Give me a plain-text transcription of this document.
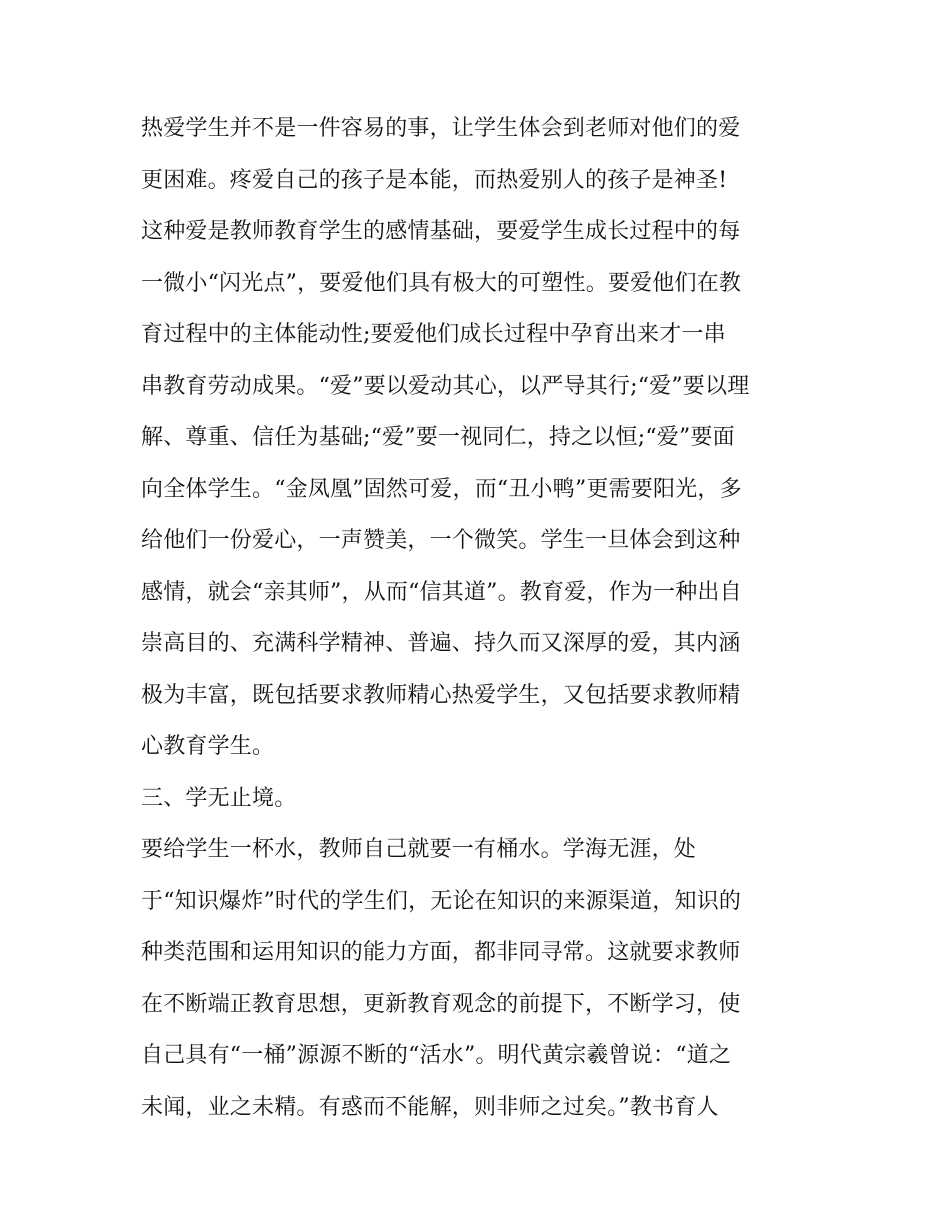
热爱学生并不是一件容易的事，让学生体会到老师对他们的爱
更困难。疼爱自己的孩子是本能，而热爱别人的孩子是神圣!
这种爱是教师教育学生的感情基础，要爱学生成长过程中的每
一微小“闪光点”，要爱他们具有极大的可塑性。要爱他们在教
育过程中的主体能动性;要爱他们成长过程中孕育出来才一串
串教育劳动成果。“爱”要以爱动其心，以严导其行;“爱”要以理
解、尊重、信任为基础;“爱”要一视同仁，持之以恒;“爱”要面
向全体学生。“金凤凰”固然可爱，而“丑小鸭”更需要阳光，多
给他们一份爱心，一声赞美，一个微笑。学生一旦体会到这种
感情，就会“亲其师”，从而“信其道”。教育爱，作为一种出自
崇高目的、充满科学精神、普遍、持久而又深厚的爱，其内涵
极为丰富，既包括要求教师精心热爱学生，又包括要求教师精
心教育学生。
三、学无止境。
要给学生一杯水，教师自己就要一有桶水。学海无涯，处
于“知识爆炸”时代的学生们，无论在知识的来源渠道，知识的
种类范围和运用知识的能力方面，都非同寻常。这就要求教师
在不断端正教育思想，更新教育观念的前提下，不断学习，使
自己具有“一桶”源源不断的“活水”。明代黄宗羲曾说：“道之
未闻，业之未精。有惑而不能解，则非师之过矣。”教书育人
